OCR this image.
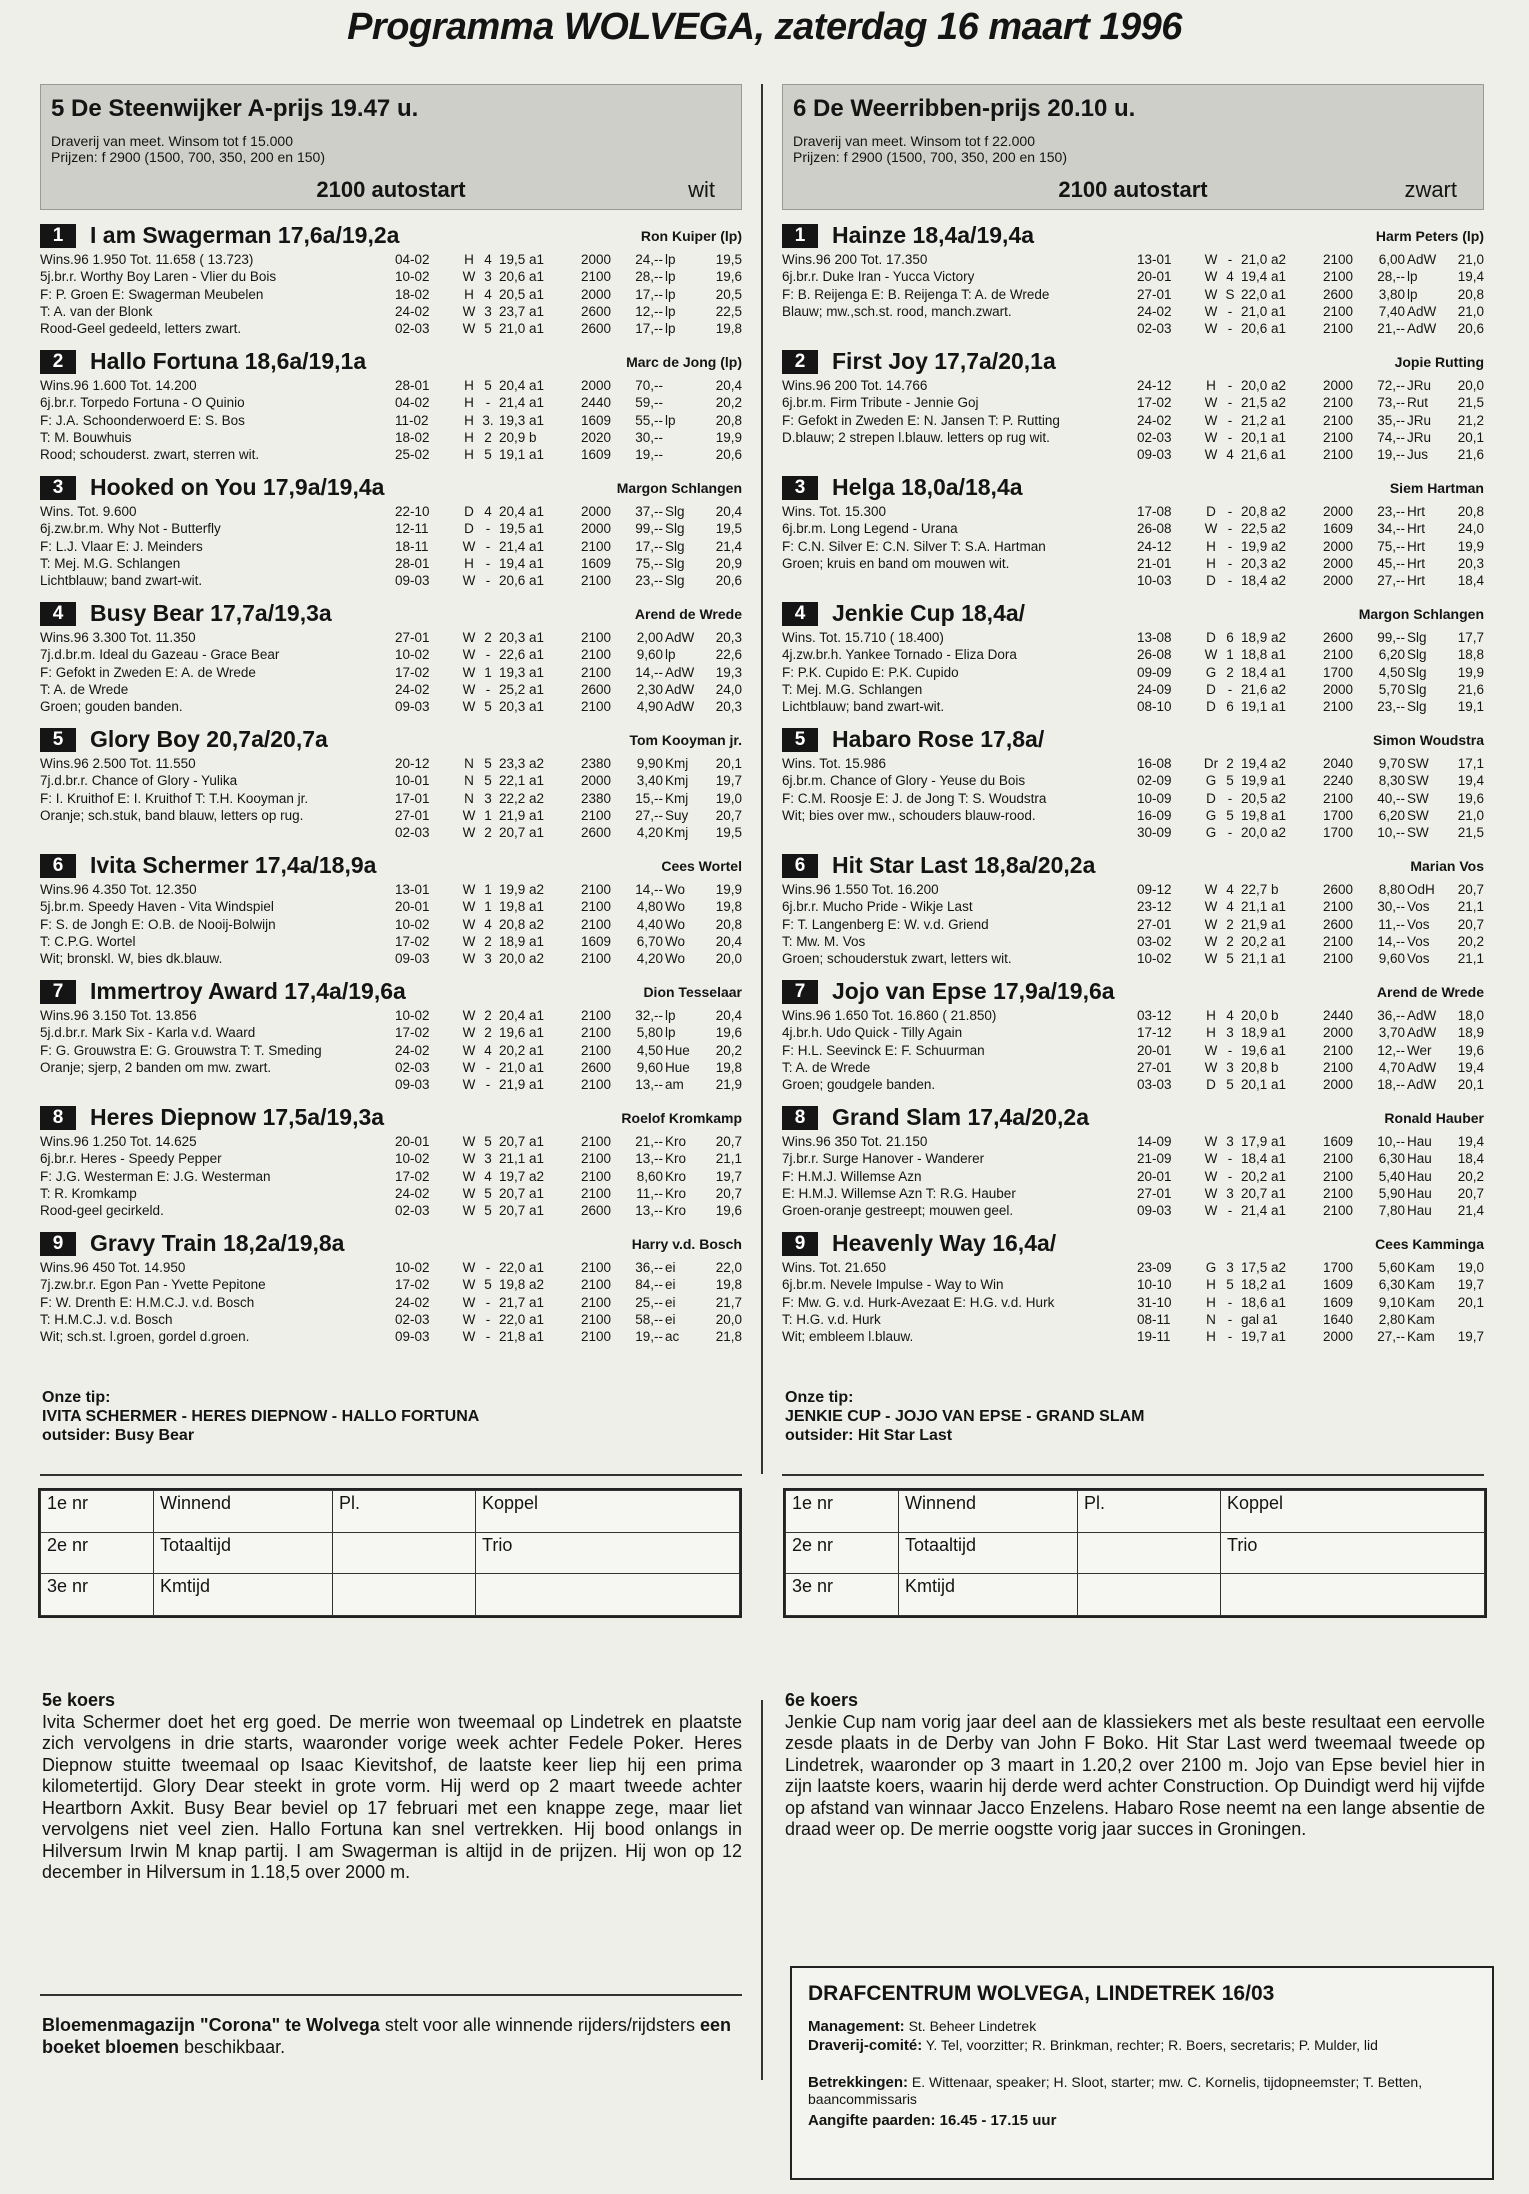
Programma WOLVEGA, zaterdag 16 maart 1996
5 De Steenwijker A-prijs 19.47 u.
Draverij van meet. Winsom tot f 15.000
Prijzen: f 2900 (1500, 700, 350, 200 en 150)
2100 autostart	wit
1	I am Swagerman 17,6a/19,2a	Ron Kuiper (lp)
Wins.96 1.950 Tot. 11.658 ( 13.723)
5j.br.r. Worthy Boy Laren - Vlier du Bois
F: P. Groen E: Swagerman Meubelen
T: A. van der Blonk
Rood-Geel gedeeld, letters zwart.
04-02	H 4 19,5 a1	2000	24,-- lp	19,5
10-02 W 3 20,6 a1	2100	28,-- lp	19,6
18-02	H 4 20,5 a1	2000	17,-- lp	20,5
24-02 W 3 23,7 a1	2600	12,-- lp	22,5
02-03 W 5 21,0 a1	2600	17,-- lp	19,8
2	Hallo Fortuna 18,6a/19,1a	Marc de Jong (lp)
Wins.96 1.600 Tot. 14.200
6j.br.r. Torpedo Fortuna - O Quinio
F: J.A. Schoonderwoerd E: S. Bos
T: M. Bouwhuis
Rood; schouderst. zwart, sterren wit.
28-01	H 5 20,4 a1	2000	70,--	20,4
04-02	H - 21,4 a1	2440	59,--	20,2
11-02	H 3. 19,3 a1	1609	55,-- lp	20,8
18-02	H 2 20,9 b	2020	30,--	19,9
25-02	H 5 19,1 a1	1609	19,--	20,6
3	Hooked on You 17,9a/19,4a	Margon Schlangen
Wins. Tot. 9.600
6j.zw.br.m. Why Not - Butterfly
F: L.J. Vlaar E: J. Meinders
T: Mej. M.G. Schlangen
Lichtblauw; band zwart-wit.
22-10	D 4 20,4 a1	2000	37,-- Slg 20,4
12-11	D - 19,5 a1	2000	99,-- Slg 19,5
18-11	W - 21,4 a1	2100	17,-- Slg 21,4
28-01	H - 19,4 a1	1609	75,-- Slg 20,9
09-03 W - 20,6 a1	2100	23,-- Slg 20,6
4	Busy Bear 17,7a/19,3a	Arend de Wrede
Wins.96 3.300 Tot. 11.350
7j.d.br.m. Ideal du Gazeau - Grace Bear
F: Gefokt in Zweden E: A. de Wrede
T: A. de Wrede
Groen; gouden banden.
27-01 W 2 20,3 a1	2100	2,00 AdW 20,3
10-02 W - 22,6 a1	2100	9,60 lp	22,6
17-02 W 1 19,3 a1	2100	14,-- AdW 19,3
24-02 W - 25,2 a1	2600	2,30 AdW 24,0
09-03 W 5 20,3 a1	2100	4,90 AdW 20,3
5	Glory Boy 20,7a/20,7a	Tom Kooyman jr.
Wins.96 2.500 Tot. 11.550
7j.d.br.r. Chance of Glory - Yulika
F: I. Kruithof E: I. Kruithof T: T.H. Kooyman jr.
Oranje; sch.stuk, band blauw, letters op rug.
20-12	N 5 23,3 a2	2380	9,90 Kmj 20,1
10-01	N 5 22,1 a1	2000	3,40 Kmj 19,7
17-01	N 3 22,2 a2	2380	15,-- Kmj 19,0
27-01 W 1 21,9 a1	2100	27,-- Suy 20,7
02-03 W 2 20,7 a1	2600	4,20 Kmj 19,5
6	Ivita Schermer 17,4a/18,9a	Cees Wortel
Wins.96 4.350 Tot. 12.350
5j.br.m. Speedy Haven - Vita Windspiel
F: S. de Jongh E: O.B. de Nooij-Bolwijn
T: C.P.G. Wortel
Wit; bronskl. W, bies dk.blauw.
13-01 W 1 19,9 a2	2100	14,-- Wo 19,9
20-01 W 1 19,8 a1	2100	4,80 Wo 19,8
10-02 W 4 20,8 a2	2100	4,40 Wo 20,8
17-02 W 2 18,9 a1	1609	6,70 Wo 20,4
09-03 W 3 20,0 a2	2100	4,20 Wo 20,0
7	Immertroy Award 17,4a/19,6a	Dion Tesselaar
Wins.96 3.150 Tot. 13.856
5j.d.br.r. Mark Six - Karla v.d. Waard
F: G. Grouwstra E: G. Grouwstra T: T. Smeding
Oranje; sjerp, 2 banden om mw. zwart.
10-02 W 2 20,4 a1	2100	32,-- lp	20,4
17-02 W 2 19,6 a1	2100	5,80 lp	19,6
24-02 W 4 20,2 a1	2100	4,50 Hue 20,2
02-03 W - 21,0 a1	2600	9,60 Hue 19,8
09-03 W - 21,9 a1	2100	13,-- am 21,9
8	Heres Diepnow 17,5a/19,3a	Roelof Kromkamp
Wins.96 1.250 Tot. 14.625
6j.br.r. Heres - Speedy Pepper
F: J.G. Westerman E: J.G. Westerman
T: R. Kromkamp
Rood-geel gecirkeld.
20-01 W 5 20,7 a1	2100	21,-- Kro 20,7
10-02 W 3 21,1 a1	2100	13,-- Kro 21,1
17-02 W 4 19,7 a2	2100	8,60 Kro 19,7
24-02 W 5 20,7 a1	2100	11,-- Kro 20,7
02-03 W 5 20,7 a1	2600	13,-- Kro 19,6
9	Gravy Train 18,2a/19,8a	Harry v.d. Bosch
Wins.96 450 Tot. 14.950
7j.zw.br.r. Egon Pan - Yvette Pepitone
F: W. Drenth E: H.M.C.J. v.d. Bosch
T: H.M.C.J. v.d. Bosch
Wit; sch.st. l.groen, gordel d.groen.
10-02 W - 22,0 a1	2100	36,-- ei	22,0
17-02 W 5 19,8 a2	2100	84,-- ei	19,8
24-02 W - 21,7 a1	2100	25,-- ei	21,7
02-03 W - 22,0 a1	2100	58,-- ei	20,0
09-03 W - 21,8 a1	2100	19,-- ac	21,8
6 De Weerribben-prijs 20.10 u.
Draverij van meet. Winsom tot f 22.000
Prijzen: f 2900 (1500, 700, 350, 200 en 150)
2100 autostart	zwart
1	Hainze 18,4a/19,4a	Harm Peters (lp)
Wins.96 200 Tot. 17.350
6j.br.r. Duke Iran - Yucca Victory
F: B. Reijenga E: B. Reijenga T: A. de Wrede
Blauw; mw.,sch.st. rood, manch.zwart.
13-01 W - 21,0 a2	2100	6,00 AdW 21,0
20-01 W 4 19,4 a1	2100	28,-- lp	19,4
27-01 W S 22,0 a1	2600	3,80 lp	20,8
24-02 W - 21,0 a1	2100	7,40 AdW 21,0
02-03 W - 20,6 a1	2100	21,-- AdW 20,6
2	First Joy 17,7a/20,1a	Jopie Rutting
Wins.96 200 Tot. 14.766
6j.br.m. Firm Tribute - Jennie Goj
F: Gefokt in Zweden E: N. Jansen T: P. Rutting
D.blauw; 2 strepen l.blauw. letters op rug wit.
24-12	H - 20,0 a2	2000	72,-- JRu 20,0
17-02 W - 21,5 a2	2100	73,-- Rut 21,5
24-02 W - 21,2 a1	2100	35,-- JRu 21,2
02-03 W - 20,1 a1	2100	74,-- JRu 20,1
09-03 W 4 21,6 a1	2100	19,-- Jus 21,6
3	Helga 18,0a/18,4a	Siem Hartman
Wins. Tot. 15.300
6j.br.m. Long Legend - Urana
F: C.N. Silver E: C.N. Silver T: S.A. Hartman
Groen; kruis en band om mouwen wit.
17-08	D - 20,8 a2	2000	23,-- Hrt 20,8
26-08 W - 22,5 a2	1609	34,-- Hrt 24,0
24-12	H - 19,9 a2	2000	75,-- Hrt 19,9
21-01	H - 20,3 a2	2000	45,-- Hrt 20,3
10-03	D - 18,4 a2	2000	27,-- Hrt 18,4
4	Jenkie Cup 18,4a/	Margon Schlangen
Wins. Tot. 15.710 ( 18.400)
4j.zw.br.h. Yankee Tornado - Eliza Dora
F: P.K. Cupido E: P.K. Cupido
T: Mej. M.G. Schlangen
Lichtblauw; band zwart-wit.
13-08	D 6 18,9 a2	2600	99,-- Slg 17,7
26-08 W 1 18,8 a1	2100	6,20 Slg 18,8
09-09	G 2 18,4 a1	1700	4,50 Slg 19,9
24-09	D - 21,6 a2	2000	5,70 Slg 21,6
08-10	D 6 19,1 a1	2100	23,-- Slg 19,1
5	Habaro Rose 17,8a/	Simon Woudstra
Wins. Tot. 15.986
6j.br.m. Chance of Glory - Yeuse du Bois
F: C.M. Roosje E: J. de Jong T: S. Woudstra
Wit; bies over mw., schouders blauw-rood.
16-08 Dr 2 19,4 a2	2040	9,70 SW 17,1
02-09	G 5 19,9 a1	2240	8,30 SW 19,4
10-09	D - 20,5 a2	2100	40,-- SW 19,6
16-09	G 5 19,8 a1	1700	6,20 SW 21,0
30-09	G - 20,0 a2	1700	10,-- SW 21,5
6	Hit Star Last 18,8a/20,2a	Marian Vos
Wins.96 1.550 Tot. 16.200
6j.br.r. Mucho Pride - Wikje Last
F: T. Langenberg E: W. v.d. Griend
T: Mw. M. Vos
Groen; schouderstuk zwart, letters wit.
09-12 W 4 22,7 b	2600	8,80 OdH 20,7
23-12 W 4 21,1 a1	2100	30,-- Vos 21,1
27-01 W 2 21,9 a1	2600	11,-- Vos 20,7
03-02 W 2 20,2 a1	2100	14,-- Vos 20,2
10-02 W 5 21,1 a1	2100	9,60 Vos 21,1
7	Jojo van Epse 17,9a/19,6a	Arend de Wrede
Wins.96 1.650 Tot. 16.860 ( 21.850)
4j.br.h. Udo Quick - Tilly Again
F: H.L. Seevinck E: F. Schuurman
T: A. de Wrede
Groen; goudgele banden.
03-12	H 4 20,0 b	2440	36,-- AdW 18,0
17-12	H 3 18,9 a1	2000	3,70 AdW 18,9
20-01 W - 19,6 a1	2100	12,-- Wer 19,6
27-01 W 3 20,8 b	2100	4,70 AdW 19,4
03-03	D 5 20,1 a1	2000	18,-- AdW 20,1
8	Grand Slam 17,4a/20,2a	Ronald Hauber
Wins.96 350 Tot. 21.150
7j.br.r. Surge Hanover - Wanderer
F: H.M.J. Willemse Azn
E: H.M.J. Willemse Azn T: R.G. Hauber
Groen-oranje gestreept; mouwen geel.
14-09 W 3 17,9 a1	1609	10,-- Hau 19,4
21-09 W - 18,4 a1	2100	6,30 Hau 18,4
20-01 W - 20,2 a1	2100	5,40 Hau 20,2
27-01 W 3 20,7 a1	2100	5,90 Hau 20,7
09-03 W - 21,4 a1	2100	7,80 Hau 21,4
9	Heavenly Way 16,4a/	Cees Kamminga
Wins. Tot. 21.650
6j.br.m. Nevele Impulse - Way to Win
F: Mw. G. v.d. Hurk-Avezaat E: H.G. v.d. Hurk
T: H.G. v.d. Hurk
Wit; embleem l.blauw.
23-09	G 3 17,5 a2	1700	5,60 Kam 19,0
10-10	H 5 18,2 a1	1609	6,30 Kam 19,7
31-10	H - 18,6 a1	1609	9,10 Kam 20,1
08-11	N - gal a1	1640	2,80 Kam
19-11	H - 19,7 a1	2000	27,-- Kam 19,7
Onze tip:
IVITA SCHERMER - HERES DIEPNOW - HALLO FORTUNA
outsider: Busy Bear
Onze tip:
JENKIE CUP - JOJO VAN EPSE - GRAND SLAM
outsider: Hit Star Last
1e nr	Winnend	Pl.	Koppel
2e nr	Totaaltijd		Trio
3e nr	Kmtijd		
1e nr	Winnend	Pl.	Koppel
2e nr	Totaaltijd		Trio
3e nr	Kmtijd		
5e koers
Ivita Schermer doet het erg goed. De merrie won tweemaal op Lindetrek en plaatste zich vervolgens in drie starts, waaronder vorige week achter Fedele Poker. Heres Diepnow stuitte tweemaal op Isaac Kievitshof, de laatste keer liep hij een prima kilometertijd. Glory Dear steekt in grote vorm. Hij werd op 2 maart tweede achter Heartborn Axkit. Busy Bear beviel op 17 februari met een knappe zege, maar liet vervolgens niet veel zien. Hallo Fortuna kan snel vertrekken. Hij bood onlangs in Hilversum Irwin M knap partij. I am Swagerman is altijd in de prijzen. Hij won op 12 december in Hilversum in 1.18,5 over 2000 m.
6e koers
Jenkie Cup nam vorig jaar deel aan de klassiekers met als beste resultaat een eervolle zesde plaats in de Derby van John F Boko. Hit Star Last werd tweemaal tweede op Lindetrek, waaronder op 3 maart in 1.20,2 over 2100 m. Jojo van Epse beviel hier in zijn laatste koers, waarin hij derde werd achter Construction. Op Duindigt werd hij vijfde op afstand van winnaar Jacco Enzelens. Habaro Rose neemt na een lange absentie de draad weer op. De merrie oogstte vorig jaar succes in Groningen.
Bloemenmagazijn "Corona" te Wolvega stelt voor alle winnende rijders/rijdsters een boeket bloemen beschikbaar.
DRAFCENTRUM WOLVEGA, LINDETREK 16/03
Management: St. Beheer Lindetrek
Draverij-comité: Y. Tel, voorzitter; R. Brinkman, rechter; R. Boers, secretaris; P. Mulder, lid
Betrekkingen: E. Wittenaar, speaker; H. Sloot, starter; mw. C. Kornelis, tijdopneemster; T. Betten, baancommissaris
Aangifte paarden: 16.45 - 17.15 uur
